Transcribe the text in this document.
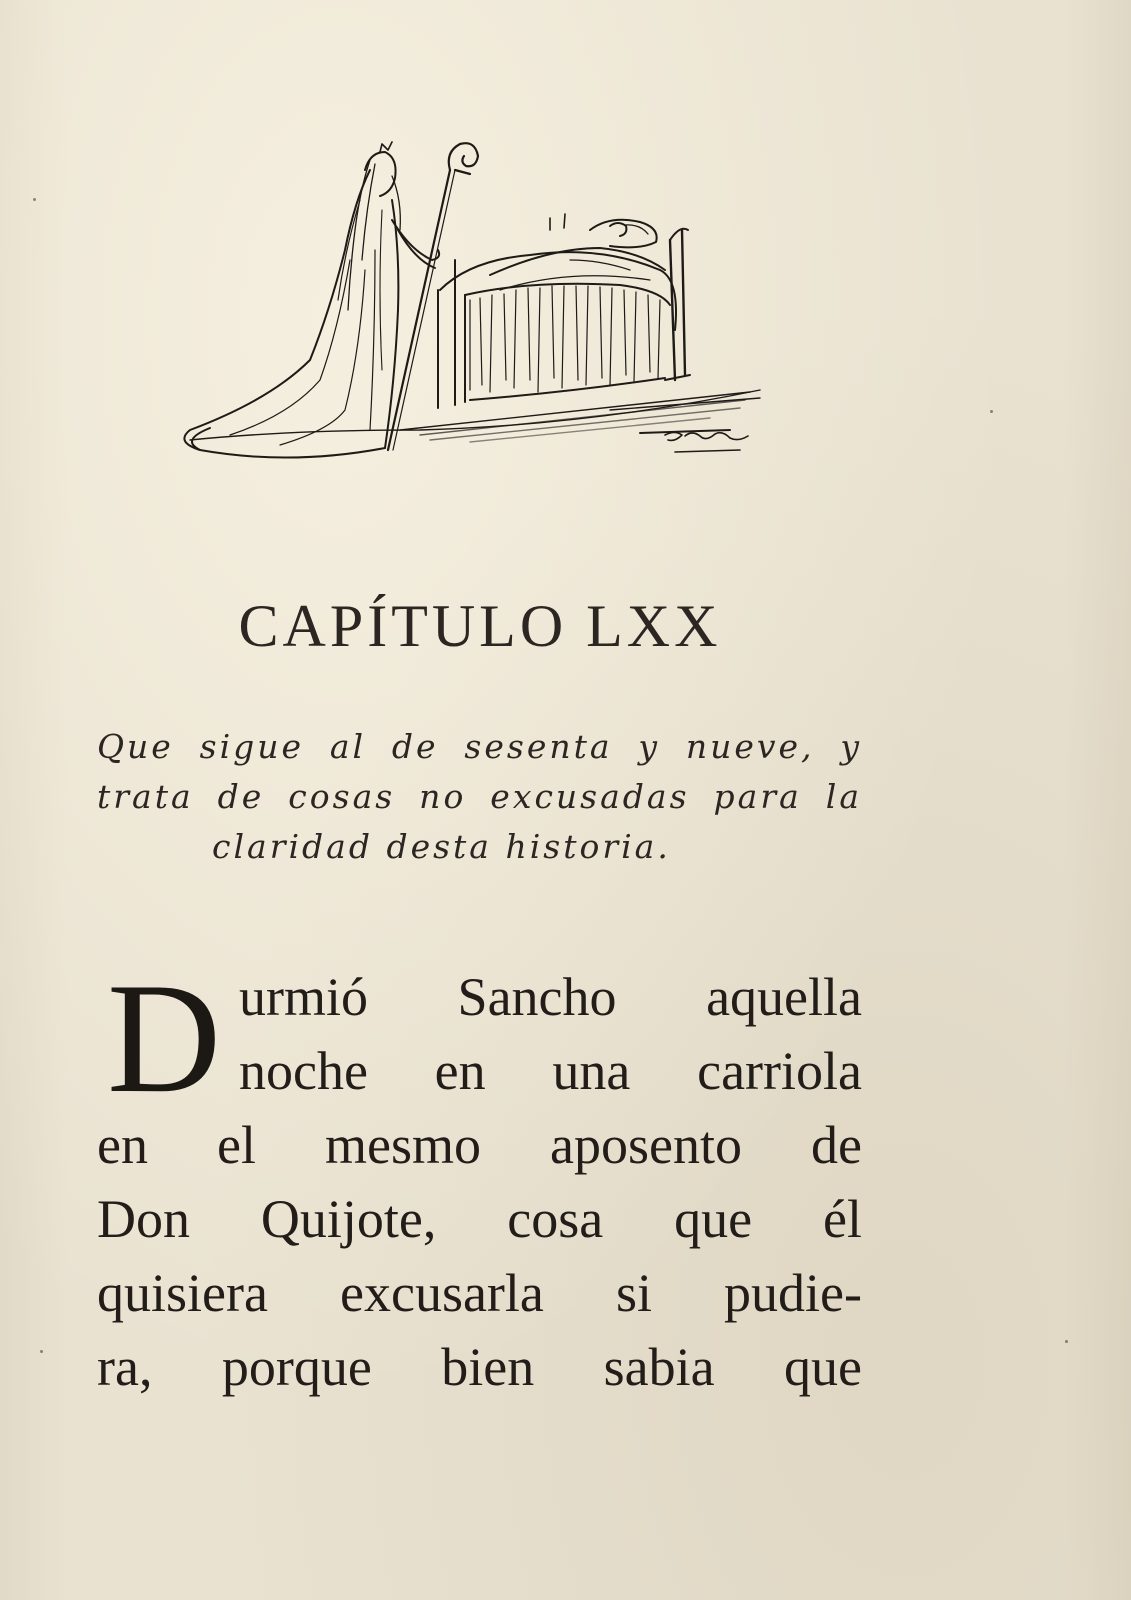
CAPÍTULO LXX

Que sigue al de sesenta y nueve, y
trata de cosas no excusadas para la
claridad desta historia.

D urmió Sancho aquella
noche en una carriola
en el mesmo aposento de
Don Quijote, cosa que él
quisiera excusarla si pudie-
ra, porque bien sabia que
